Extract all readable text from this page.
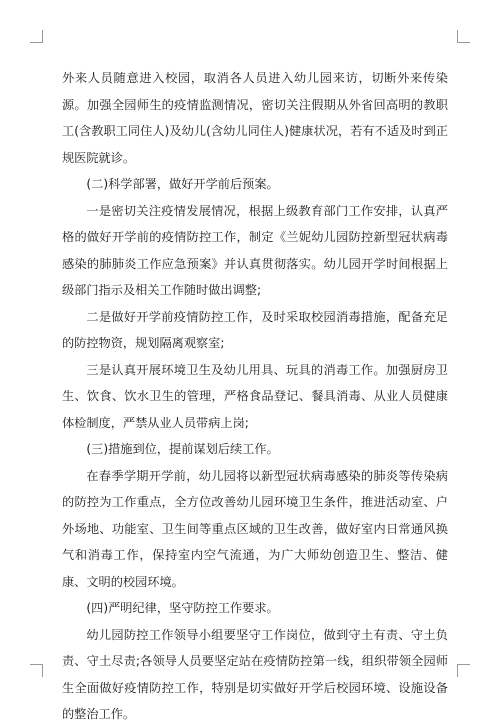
外来人员随意进入校园，取消各人员进入幼儿园来访，切断外来传染源。加强全园师生的疫情监测情况，密切关注假期从外省回高明的教职工(含教职工同住人)及幼儿(含幼儿同住人)健康状况，若有不适及时到正规医院就诊。

(二)科学部署，做好开学前后预案。

一是密切关注疫情发展情况，根据上级教育部门工作安排，认真严格的做好开学前的疫情防控工作，制定《兰妮幼儿园防控新型冠状病毒感染的肺肺炎工作应急预案》并认真贯彻落实。幼儿园开学时间根据上级部门指示及相关工作随时做出调整;

二是做好开学前疫情防控工作，及时采取校园消毒措施，配备充足的防控物资，规划隔离观察室;

三是认真开展环境卫生及幼儿用具、玩具的消毒工作。加强厨房卫生、饮食、饮水卫生的管理，严格食品登记、餐具消毒、从业人员健康体检制度，严禁从业人员带病上岗;

(三)措施到位，提前谋划后续工作。

在春季学期开学前，幼儿园将以新型冠状病毒感染的肺炎等传染病的防控为工作重点，全方位改善幼儿园环境卫生条件，推进活动室、户外场地、功能室、卫生间等重点区域的卫生改善，做好室内日常通风换气和消毒工作，保持室内空气流通，为广大师幼创造卫生、整洁、健康、文明的校园环境。

(四)严明纪律，坚守防控工作要求。

幼儿园防控工作领导小组要坚守工作岗位，做到守土有责、守土负责、守土尽责;各领导人员要坚定站在疫情防控第一线，组织带领全园师生全面做好疫情防控工作，特别是切实做好开学后校园环境、设施设备的整治工作。
